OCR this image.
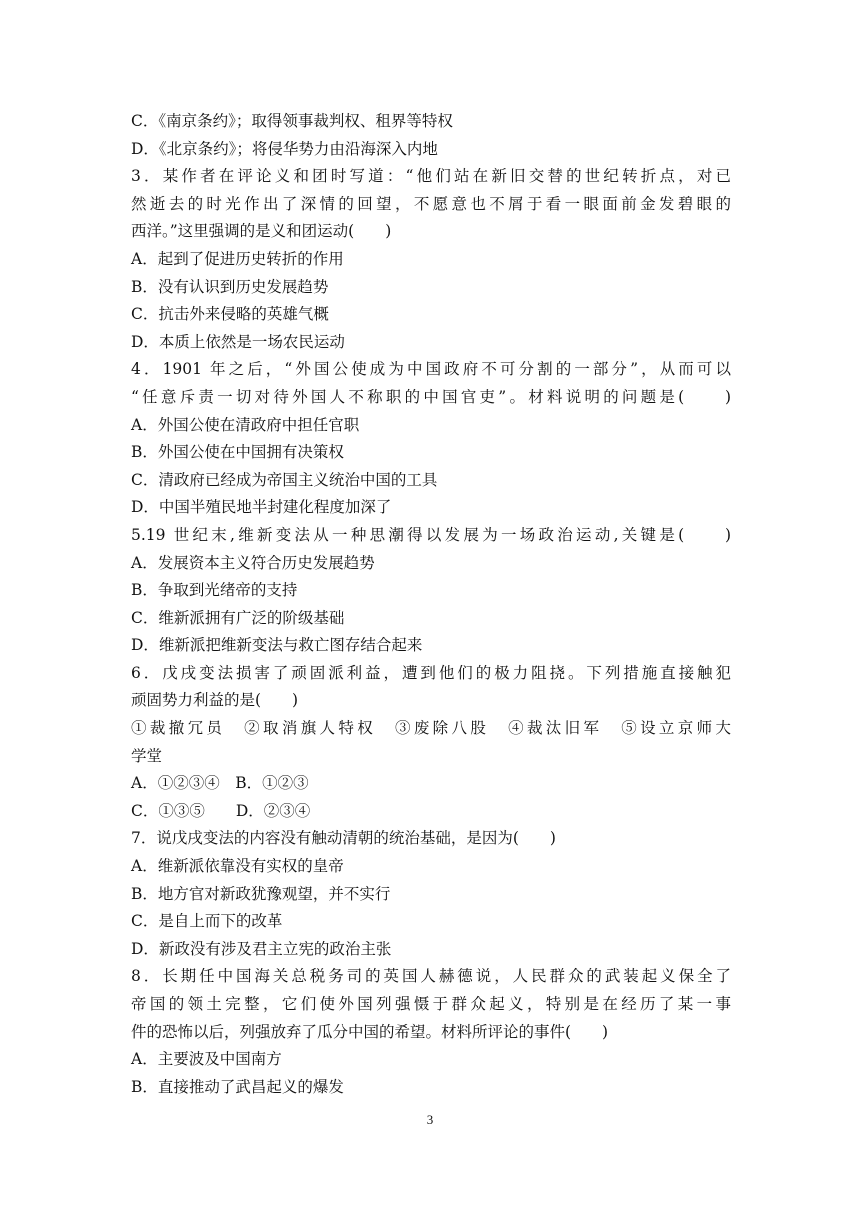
C．《南京条约》；取得领事裁判权、租界等特权
D．《北京条约》；将侵华势力由沿海深入内地
3．某作者在评论义和团时写道：“他们站在新旧交替的世纪转折点，对已
然逝去的时光作出了深情的回望，不愿意也不屑于看一眼面前金发碧眼的
西洋。”这里强调的是义和团运动(　　)
A．起到了促进历史转折的作用
B．没有认识到历史发展趋势
C．抗击外来侵略的英雄气概
D．本质上依然是一场农民运动
4．1901 年之后，“外国公使成为中国政府不可分割的一部分”，从而可以
“任意斥责一切对待外国人不称职的中国官吏”。材料说明的问题是(　　)
A．外国公使在清政府中担任官职
B．外国公使在中国拥有决策权
C．清政府已经成为帝国主义统治中国的工具
D．中国半殖民地半封建化程度加深了
5.19 世纪末,维新变法从一种思潮得以发展为一场政治运动,关键是(　　)
A．发展资本主义符合历史发展趋势
B．争取到光绪帝的支持
C．维新派拥有广泛的阶级基础
D．维新派把维新变法与救亡图存结合起来
6．戊戌变法损害了顽固派利益，遭到他们的极力阻挠。下列措施直接触犯
顽固势力利益的是(　　)
①裁撤冗员　②取消旗人特权　③废除八股　④裁汰旧军　⑤设立京师大
学堂
A．①②③④　B．①②③
C．①③⑤　　D．②③④
7．说戊戌变法的内容没有触动清朝的统治基础，是因为(　　)
A．维新派依靠没有实权的皇帝
B．地方官对新政犹豫观望，并不实行
C．是自上而下的改革
D．新政没有涉及君主立宪的政治主张
8．长期任中国海关总税务司的英国人赫德说，人民群众的武装起义保全了
帝国的领土完整，它们使外国列强慑于群众起义，特别是在经历了某一事
件的恐怖以后，列强放弃了瓜分中国的希望。材料所评论的事件(　　)
A．主要波及中国南方
B．直接推动了武昌起义的爆发
3
